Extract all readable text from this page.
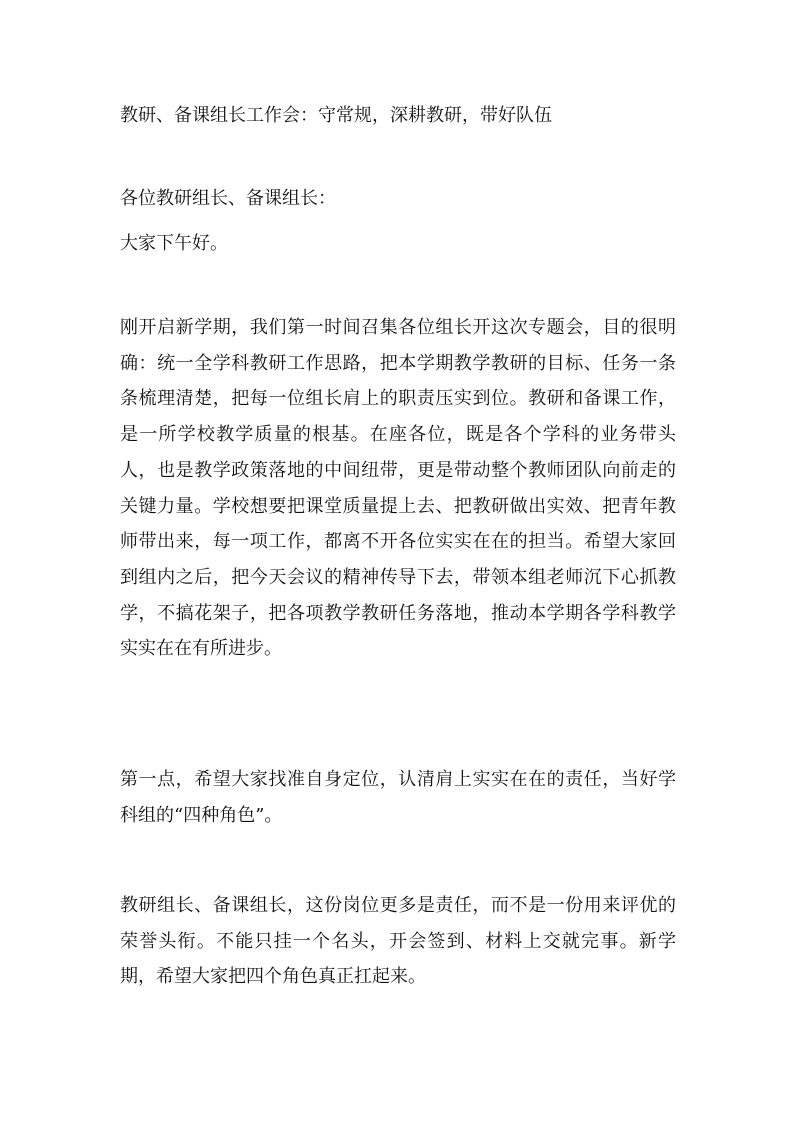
教研、备课组长工作会：守常规，深耕教研，带好队伍
各位教研组长、备课组长：
大家下午好。
刚开启新学期，我们第一时间召集各位组长开这次专题会，目的很明确：统一全学科教研工作思路，把本学期教学教研的目标、任务一条条梳理清楚，把每一位组长肩上的职责压实到位。教研和备课工作，是一所学校教学质量的根基。在座各位，既是各个学科的业务带头人，也是教学政策落地的中间纽带，更是带动整个教师团队向前走的关键力量。学校想要把课堂质量提上去、把教研做出实效、把青年教师带出来，每一项工作，都离不开各位实实在在的担当。希望大家回到组内之后，把今天会议的精神传导下去，带领本组老师沉下心抓教学，不搞花架子，把各项教学教研任务落地，推动本学期各学科教学实实在在有所进步。
第一点，希望大家找准自身定位，认清肩上实实在在的责任，当好学科组的“四种角色”。
教研组长、备课组长，这份岗位更多是责任，而不是一份用来评优的荣誉头衔。不能只挂一个名头，开会签到、材料上交就完事。新学期，希望大家把四个角色真正扛起来。
